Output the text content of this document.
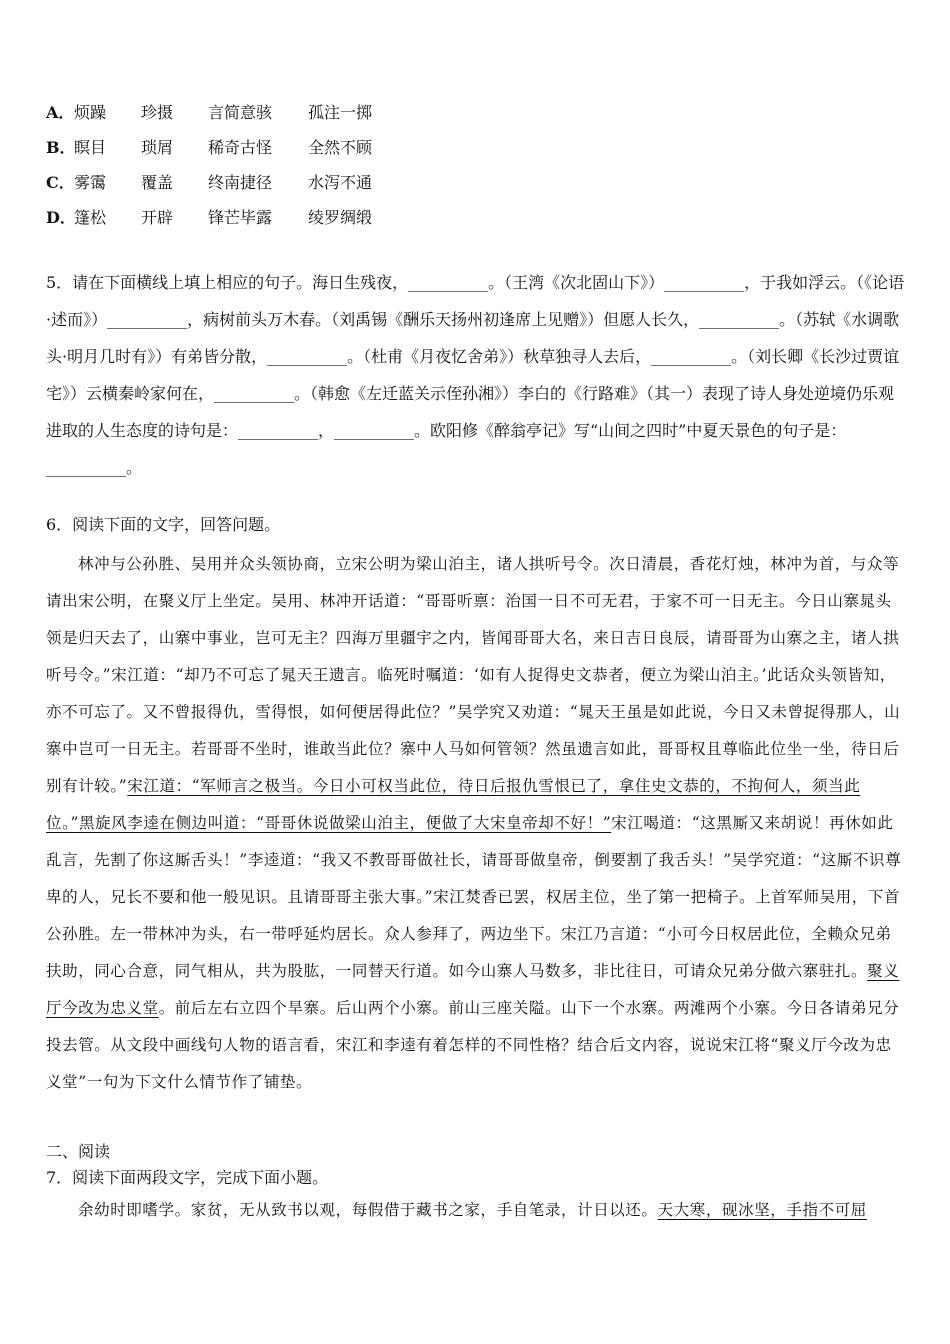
A．烦躁 珍摄 言简意骇 孤注一掷
B．瞑目 琐屑 稀奇古怪 全然不顾
C．雾霭 覆盖 终南捷径 水泻不通
D．篷松 开辟 锋芒毕露 绫罗绸缎

5．请在下面横线上填上相应的句子。海日生残夜，__________。（王湾《次北固山下》）__________，于我如浮云。（《论语·述而》）__________，病树前头万木春。（刘禹锡《酬乐天扬州初逢席上见赠》）但愿人长久，__________。（苏轼《水调歌头·明月几时有》）有弟皆分散，__________。（杜甫《月夜忆舍弟》）秋草独寻人去后，__________。（刘长卿《长沙过贾谊宅》）云横秦岭家何在，__________。（韩愈《左迁蓝关示侄孙湘》）李白的《行路难》（其一）表现了诗人身处逆境仍乐观进取的人生态度的诗句是：__________，__________。欧阳修《醉翁亭记》写“山间之四时”中夏天景色的句子是：__________。

6．阅读下面的文字，回答问题。

林冲与公孙胜、吴用并众头领协商，立宋公明为梁山泊主，诸人拱听号令。次日清晨，香花灯烛，林冲为首，与众等请出宋公明，在聚义厅上坐定。吴用、林冲开话道：“哥哥听禀：治国一日不可无君，于家不可一日无主。今日山寨晁头领是归天去了，山寨中事业，岂可无主？四海万里疆宇之内，皆闻哥哥大名，来日吉日良辰，请哥哥为山寨之主，诸人拱听号令。”宋江道：“却乃不可忘了晁天王遗言。临死时嘱道：‘如有人捉得史文恭者，便立为梁山泊主。’此话众头领皆知，亦不可忘了。又不曾报得仇，雪得恨，如何便居得此位？”吴学究又劝道：“晁天王虽是如此说，今日又未曾捉得那人，山寨中岂可一日无主。若哥哥不坐时，谁敢当此位？寨中人马如何管领？然虽遗言如此，哥哥权且尊临此位坐一坐，待日后别有计较。”宋江道：“军师言之极当。今日小可权当此位，待日后报仇雪恨已了，拿住史文恭的，不拘何人，须当此位。”黑旋风李逵在侧边叫道：“哥哥休说做梁山泊主，便做了大宋皇帝却不好！”宋江喝道：“这黑厮又来胡说！再休如此乱言，先割了你这厮舌头！”李逵道：“我又不教哥哥做社长，请哥哥做皇帝，倒要割了我舌头！”吴学究道：“这厮不识尊卑的人，兄长不要和他一般见识。且请哥哥主张大事。”宋江焚香已罢，权居主位，坐了第一把椅子。上首军师吴用，下首公孙胜。左一带林冲为头，右一带呼延灼居长。众人参拜了，两边坐下。宋江乃言道：“小可今日权居此位，全赖众兄弟扶助，同心合意，同气相从，共为股肱，一同替天行道。如今山寨人马数多，非比往日，可请众兄弟分做六寨驻扎。聚义厅今改为忠义堂。前后左右立四个旱寨。后山两个小寨。前山三座关隘。山下一个水寨。两滩两个小寨。今日各请弟兄分投去管。从文段中画线句人物的语言看，宋江和李逵有着怎样的不同性格？结合后文内容，说说宋江将“聚义厅今改为忠义堂”一句为下文什么情节作了铺垫。

二、阅读

7．阅读下面两段文字，完成下面小题。

余幼时即嗜学。家贫，无从致书以观，每假借于藏书之家，手自笔录，计日以还。天大寒，砚冰坚，手指不可屈
